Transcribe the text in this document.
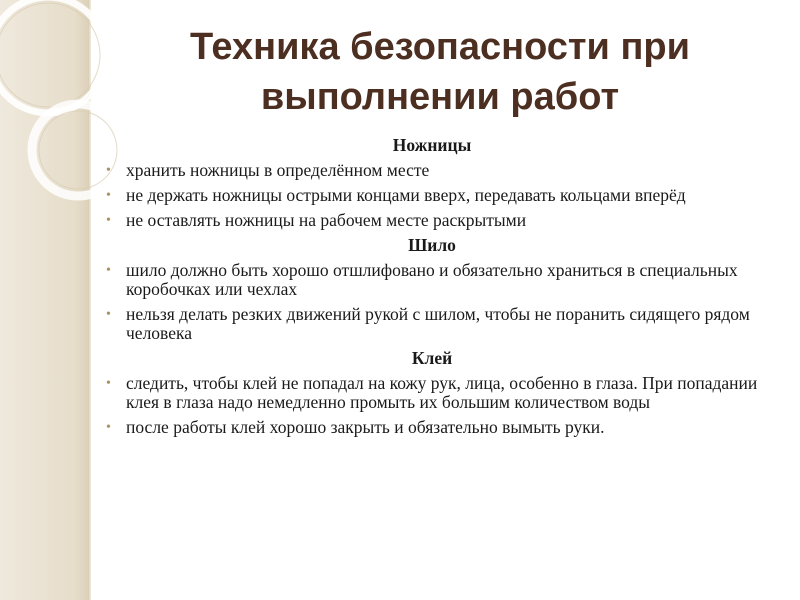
Техника безопасности при выполнении работ

Ножницы

• хранить ножницы в определённом месте
• не держать ножницы острыми концами вверх, передавать кольцами вперёд
• не оставлять ножницы на рабочем месте раскрытыми

Шило

• шило должно быть хорошо отшлифовано и обязательно храниться в специальных коробочках или чехлах
• нельзя делать резких движений рукой с шилом, чтобы не поранить сидящего рядом человека

Клей

• следить, чтобы клей не попадал на кожу рук, лица, особенно в глаза. При попадании клея в глаза надо немедленно промыть их большим количеством воды
• после работы клей хорошо закрыть и обязательно вымыть руки.
